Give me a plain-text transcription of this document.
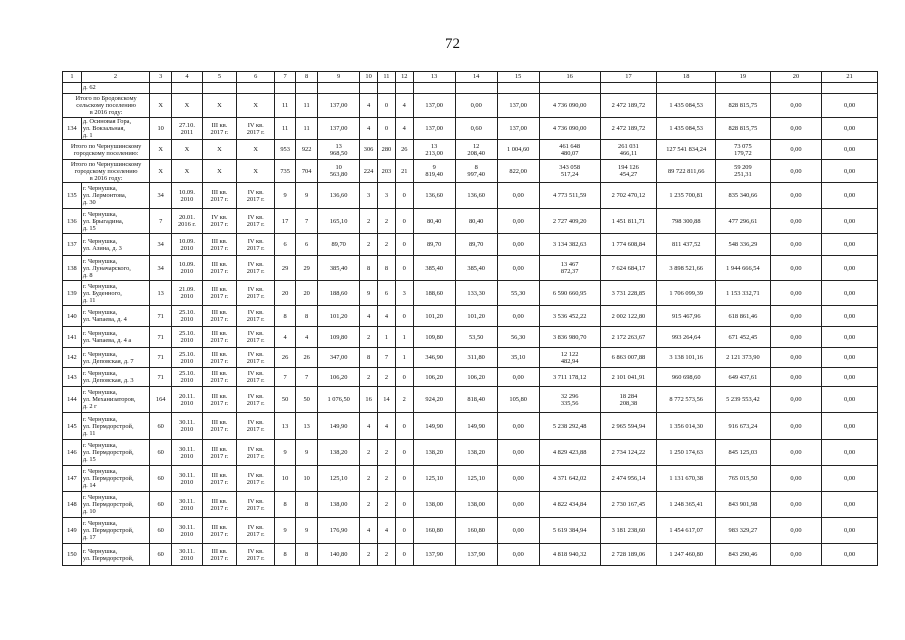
72
1	2	3	4	5	6	7	8	9	10	11	12	13	14	15	16	17	18	19	20	21
	д. 62																			
Итого по Бродовскому
сельскому поселению
в 2016 году:		X	X	X	X	11	11	137,00	4	0	4	137,00	0,00	137,00	4 736 090,00	2 472 189,72	1 435 084,53	828 815,75	0,00	0,00
134	д. Осиновая Гора,
ул. Вокзальная,
д. 1	10	27.10.
2011	III кв.
2017 г.	IV кв.
2017 г.	11	11	137,00	4	0	4	137,00	0,60	137,00	4 736 090,00	2 472 189,72	1 435 084,53	828 815,75	0,00	0,00
Итого по Чернушинскому
городскому поселению:		X	X	X	X	953	922	13
968,50	306	280	26	13
213,00	12
208,40	1 004,60	461 648
480,07	261 031
466,11	127 541 834,24	73 075
179,72	0,00	0,00
Итого по Чернушинскому
городскому поселению
в 2016 году:		X	X	X	X	735	704	10
563,80	224	203	21	9
819,40	8
997,40	822,00	343 058
517,24	194 126
454,27	89 722 811,66	59 209
251,31	0,00	0,00
135	г. Чернушка,
ул. Лермонтова,
д. 30	34	10.09.
2010	III кв.
2017 г.	IV кв.
2017 г.	9	9	136,60	3	3	0	136,60	136,60	0,00	4 773 511,59	2 702 470,12	1 235 700,81	835 340,66	0,00	0,00
136	г. Чернушка,
ул. Брыгадина,
д. 15	7	20.01.
2016 г.	IV кв.
2017 г.	IV кв.
2017 г.	17	7	165,10	2	2	0	80,40	80,40	0,00	2 727 409,20	1 451 811,71	798 300,88	477 296,61	0,00	0,00
137	г. Чернушка,
ул. Азина, д. 3	34	10.09.
2010	III кв.
2017 г.	IV кв.
2017 г.	6	6	89,70	2	2	0	89,70	89,70	0,00	3 134 382,63	1 774 608,84	811 437,52	548 336,29	0,00	0,00
138	г. Чернушка,
ул. Луначарского,
д. 8	34	10.09.
2010	III кв.
2017 г.	IV кв.
2017 г.	29	29	385,40	8	8	0	385,40	385,40	0,00	13 467
872,37	7 624 684,17	3 898 521,66	1 944 666,54	0,00	0,00
139	г. Чернушка,
ул. Буденного,
д. 11	13	21.09.
2010	III кв.
2017 г.	IV кв.
2017 г.	20	20	188,60	9	6	3	188,60	133,30	55,30	6 590 660,95	3 731 228,85	1 706 099,39	1 153 332,71	0,00	0,00
140	г. Чернушка,
ул. Чапаева, д. 4	71	25.10.
2010	III кв.
2017 г.	IV кв.
2017 г.	8	8	101,20	4	4	0	101,20	101,20	0,00	3 536 452,22	2 002 122,80	915 467,96	618 861,46	0,00	0,00
141	г. Чернушка,
ул. Чапаева, д. 4 а	71	25.10.
2010	III кв.
2017 г.	IV кв.
2017 г.	4	4	109,80	2	1	1	109,80	53,50	56,30	3 836 980,70	2 172 263,67	993 264,64	671 452,45	0,00	0,00
142	г. Чернушка,
ул. Деповская, д. 7	71	25.10.
2010	III кв.
2017 г.	IV кв.
2017 г.	26	26	347,00	8	7	1	346,90	311,80	35,10	12 122
482,94	6 863 007,88	3 138 101,16	2 121 373,90	0,00	0,00
143	г. Чернушка,
ул. Деповская, д. 3	71	25.10.
2010	III кв.
2017 г.	IV кв.
2017 г.	7	7	106,20	2	2	0	106,20	106,20	0,00	3 711 178,12	2 101 041,91	960 698,60	649 437,61	0,00	0,00
144	г. Чернушка,
ул. Механизаторов,
д. 2 г	164	20.11.
2010	III кв.
2017 г.	IV кв.
2017 г.	50	50	1 076,50	16	14	2	924,20	818,40	105,80	32 296
335,56	18 284
208,38	8 772 573,56	5 239 553,42	0,00	0,00
145	г. Чернушка,
ул. Пермдорстрой,
д. 11	60	30.11.
2010	III кв.
2017 г.	IV кв.
2017 г.	13	13	149,90	4	4	0	149,90	149,90	0,00	5 238 292,48	2 965 594,94	1 356 014,30	916 673,24	0,00	0,00
146	г. Чернушка,
ул. Пермдорстрой,
д. 15	60	30.11.
2010	III кв.
2017 г.	IV кв.
2017 г.	9	9	138,20	2	2	0	138,20	138,20	0,00	4 829 423,88	2 734 124,22	1 250 174,63	845 125,03	0,00	0,00
147	г. Чернушка,
ул. Пермдорстрой,
д. 14	60	30.11.
2010	III кв.
2017 г.	IV кв.
2017 г.	10	10	125,10	2	2	0	125,10	125,10	0,00	4 371 642,02	2 474 956,14	1 131 670,38	765 015,50	0,00	0,00
148	г. Чернушка,
ул. Пермдорстрой,
д. 10	60	30.11.
2010	III кв.
2017 г.	IV кв.
2017 г.	8	8	138,00	2	2	0	138,00	138,00	0,00	4 822 434,84	2 730 167,45	1 248 365,41	843 901,98	0,00	0,00
149	г. Чернушка,
ул. Пермдорстрой,
д. 17	60	30.11.
2010	III кв.
2017 г.	IV кв.
2017 г.	9	9	176,90	4	4	0	160,80	160,80	0,00	5 619 384,94	3 181 238,60	1 454 617,07	983 329,27	0,00	0,00
150	г. Чернушка,
ул. Пермдорстрой,	60	30.11.
2010	III кв.
2017 г.	IV кв.
2017 г.	8	8	140,80	2	2	0	137,90	137,90	0,00	4 818 940,32	2 728 189,06	1 247 460,80	843 290,46	0,00	0,00
